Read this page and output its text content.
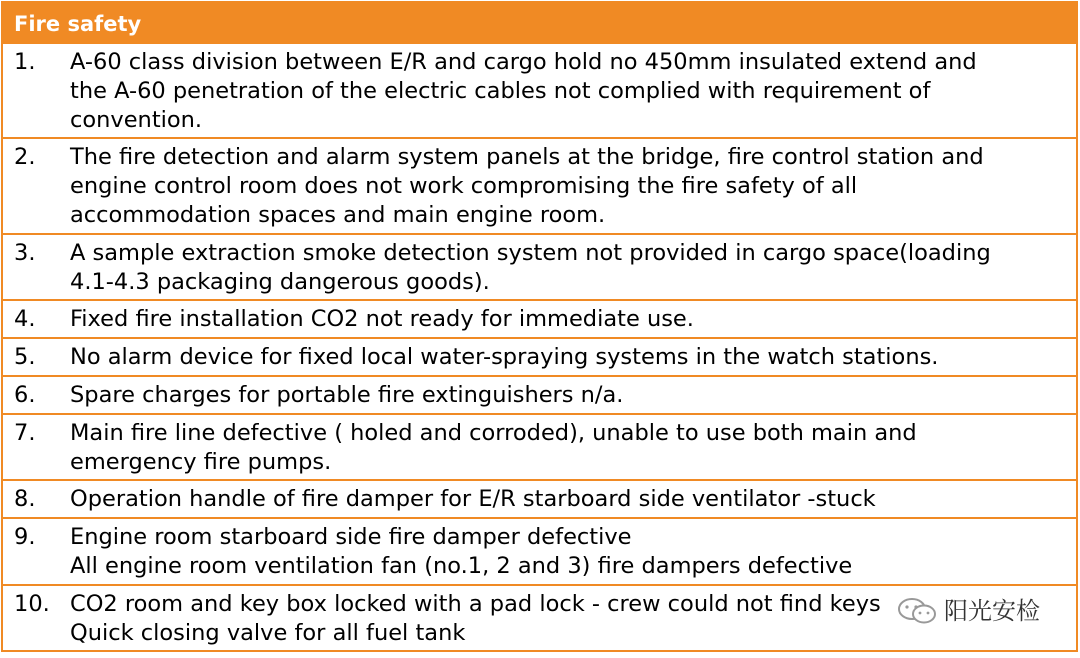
Fire safety
1.	A-60 class division between E/R and cargo hold no 450mm insulated extend and
the A-60 penetration of the electric cables not complied with requirement of
convention.
2.	The fire detection and alarm system panels at the bridge, fire control station and
engine control room does not work compromising the fire safety of all
accommodation spaces and main engine room.
3.	A sample extraction smoke detection system not provided in cargo space(loading
4.1-4.3 packaging dangerous goods).
4.	Fixed fire installation CO2 not ready for immediate use.
5.	No alarm device for fixed local water-spraying systems in the watch stations.
6.	Spare charges for portable fire extinguishers n/a.
7.	Main fire line defective ( holed and corroded), unable to use both main and
emergency fire pumps.
8.	Operation handle of fire damper for E/R starboard side ventilator -stuck
9.	Engine room starboard side fire damper defective
All engine room ventilation fan (no.1, 2 and 3) fire dampers defective
10. CO2 room and key box locked with a pad lock - crew could not find keys
Quick closing valve for all fuel tank
阳光安检
